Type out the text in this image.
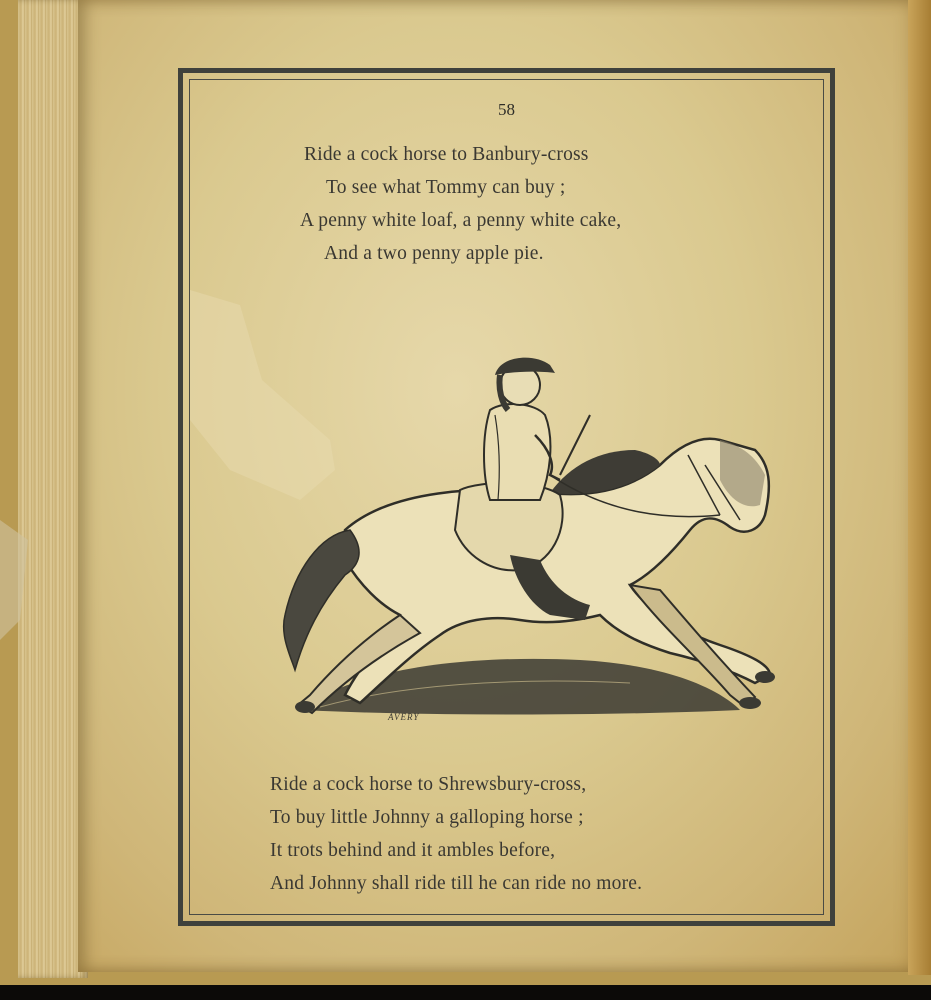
58
Ride a cock horse to Banbury-cross
To see what Tommy can buy ;
A penny white loaf, a penny white cake,
And a two penny apple pie.
AVERY
Ride a cock horse to Shrewsbury-cross,
To buy little Johnny a galloping horse ;
It trots behind and it ambles before,
And Johnny shall ride till he can ride no more.
